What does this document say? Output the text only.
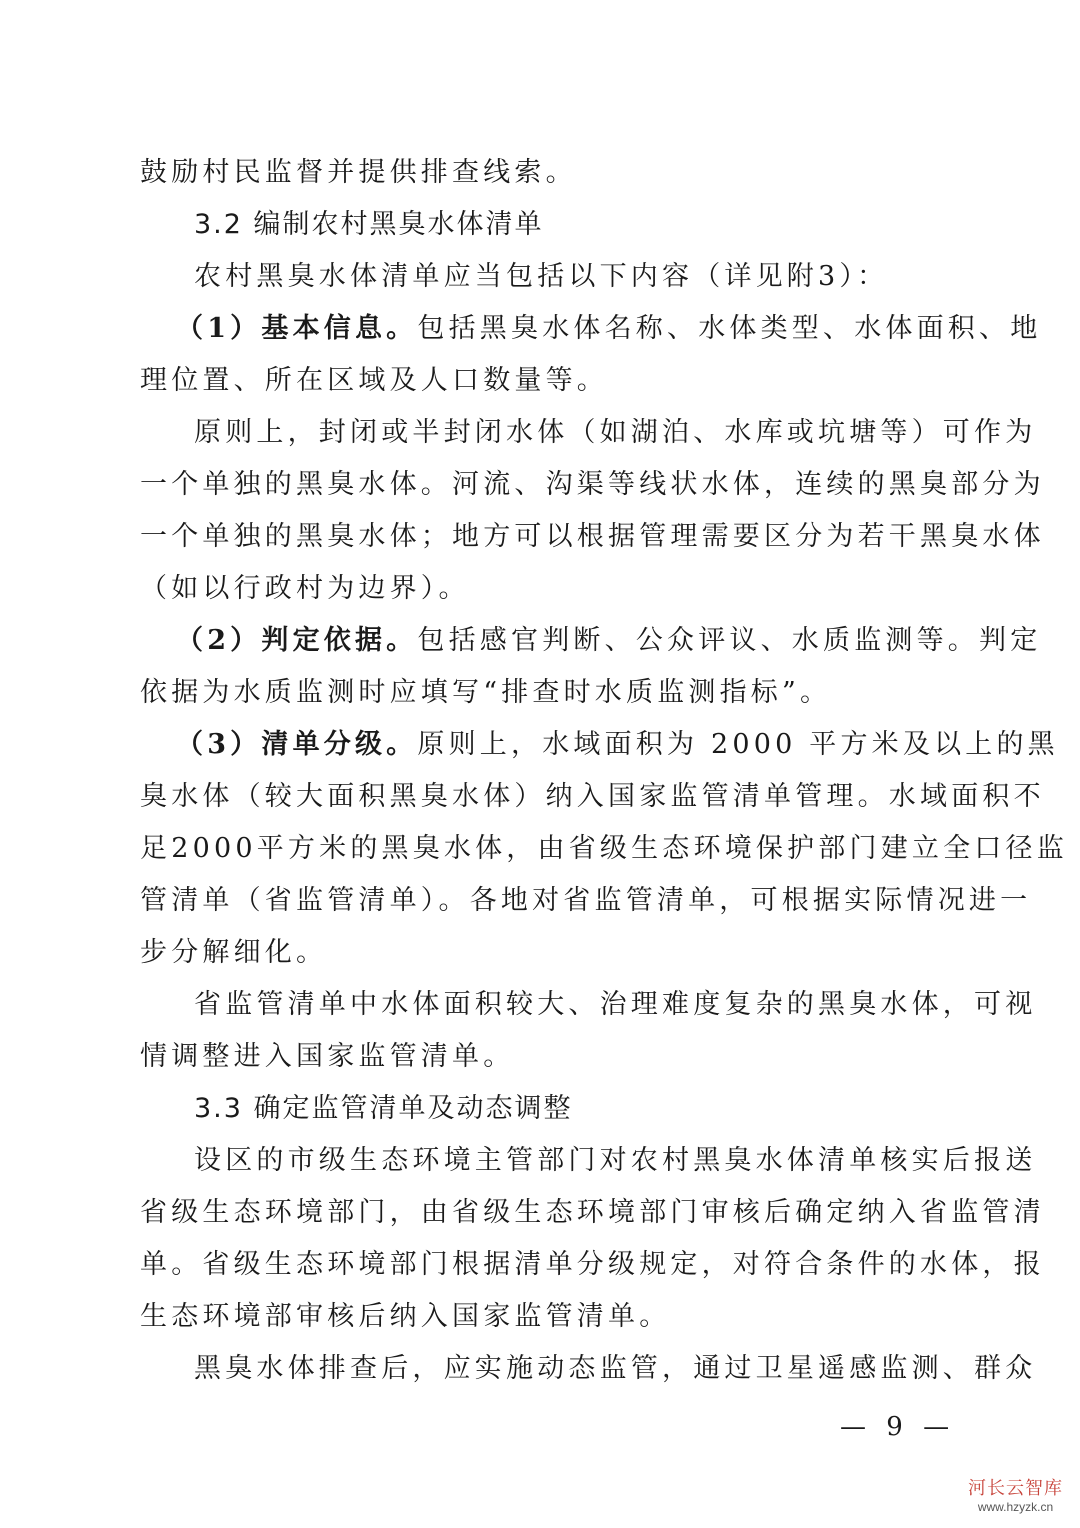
鼓励村民监督并提供排查线索。
3.2 编制农村黑臭水体清单
农村黑臭水体清单应当包括以下内容（详见附3）：
（1）基本信息。包括黑臭水体名称、水体类型、水体面积、地
理位置、所在区域及人口数量等。
原则上，封闭或半封闭水体（如湖泊、水库或坑塘等）可作为
一个单独的黑臭水体。河流、沟渠等线状水体，连续的黑臭部分为
一个单独的黑臭水体；地方可以根据管理需要区分为若干黑臭水体
（如以行政村为边界）。
（2）判定依据。包括感官判断、公众评议、水质监测等。判定
依据为水质监测时应填写“排查时水质监测指标”。
（3）清单分级。原则上，水域面积为 2000 平方米及以上的黑
臭水体（较大面积黑臭水体）纳入国家监管清单管理。水域面积不
足2000平方米的黑臭水体，由省级生态环境保护部门建立全口径监
管清单（省监管清单）。各地对省监管清单，可根据实际情况进一
步分解细化。
省监管清单中水体面积较大、治理难度复杂的黑臭水体，可视
情调整进入国家监管清单。
3.3 确定监管清单及动态调整
设区的市级生态环境主管部门对农村黑臭水体清单核实后报送
省级生态环境部门，由省级生态环境部门审核后确定纳入省监管清
单。省级生态环境部门根据清单分级规定，对符合条件的水体，报
生态环境部审核后纳入国家监管清单。
黑臭水体排查后，应实施动态监管，通过卫星遥感监测、群众
— 9 —
河长云智库
www.hzyzk.cn
